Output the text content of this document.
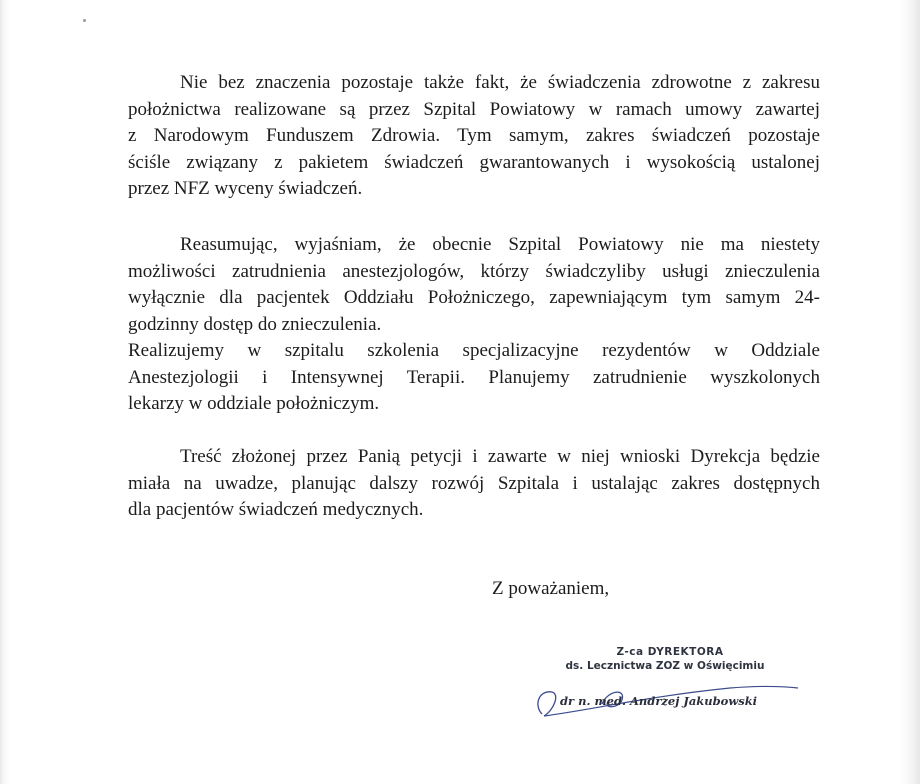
Nie bez znaczenia pozostaje także fakt, że świadczenia zdrowotne z zakresu
położnictwa realizowane są przez Szpital Powiatowy w ramach umowy zawartej
z Narodowym Funduszem Zdrowia. Tym samym, zakres świadczeń pozostaje
ściśle związany z pakietem świadczeń gwarantowanych i wysokością ustalonej
przez NFZ wyceny świadczeń.
Reasumując, wyjaśniam, że obecnie Szpital Powiatowy nie ma niestety
możliwości zatrudnienia anestezjologów, którzy świadczyliby usługi znieczulenia
wyłącznie dla pacjentek Oddziału Położniczego, zapewniającym tym samym 24-
godzinny dostęp do znieczulenia.
Realizujemy w szpitalu szkolenia specjalizacyjne rezydentów w Oddziale
Anestezjologii i Intensywnej Terapii. Planujemy zatrudnienie wyszkolonych
lekarzy w oddziale położniczym.
Treść złożonej przez Panią petycji i zawarte w niej wnioski Dyrekcja będzie
miała na uwadze, planując dalszy rozwój Szpitala i ustalając zakres dostępnych
dla pacjentów świadczeń medycznych.
Z poważaniem,
Z-ca DYREKTORA
ds. Lecznictwa ZOZ w Oświęcimiu
dr n. med. Andrzej Jakubowski
